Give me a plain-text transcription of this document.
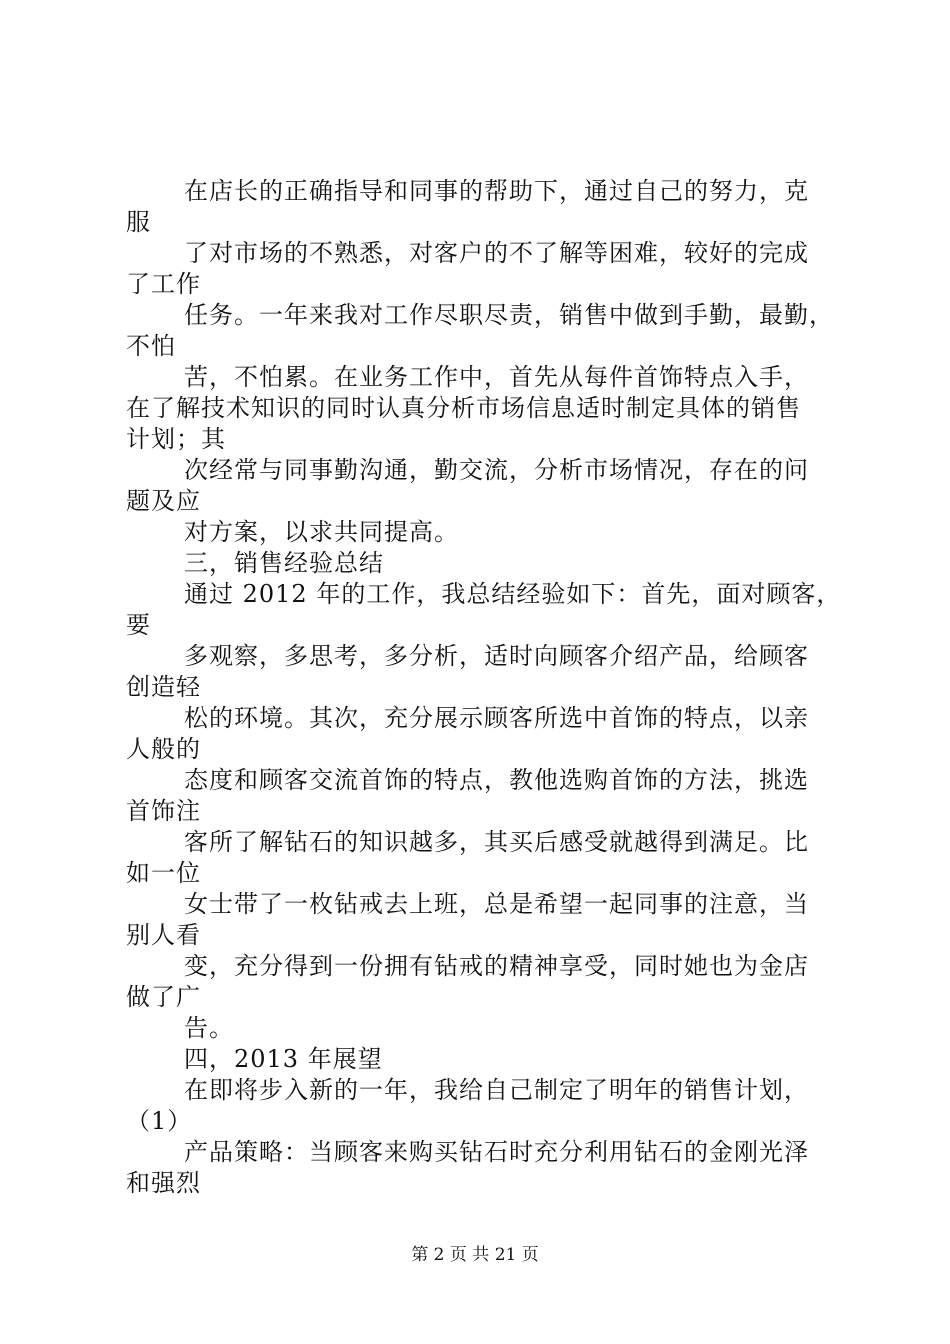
在店长的正确指导和同事的帮助下，通过自己的努力，克
服
了对市场的不熟悉，对客户的不了解等困难，较好的完成
了工作
任务。一年来我对工作尽职尽责，销售中做到手勤，最勤，
不怕
苦，不怕累。在业务工作中，首先从每件首饰特点入手，
在了解技术知识的同时认真分析市场信息适时制定具体的销售
计划；其
次经常与同事勤沟通，勤交流，分析市场情况，存在的问
题及应
对方案，以求共同提高。
三，销售经验总结
通过 2012 年的工作，我总结经验如下：首先，面对顾客，
要
多观察，多思考，多分析，适时向顾客介绍产品，给顾客
创造轻
松的环境。其次，充分展示顾客所选中首饰的特点，以亲
人般的
态度和顾客交流首饰的特点，教他选购首饰的方法，挑选
首饰注
客所了解钻石的知识越多，其买后感受就越得到满足。比
如一位
女士带了一枚钻戒去上班，总是希望一起同事的注意，当
别人看
变，充分得到一份拥有钻戒的精神享受，同时她也为金店
做了广
告。
四，2013 年展望
在即将步入新的一年，我给自己制定了明年的销售计划，
（1）
产品策略：当顾客来购买钻石时充分利用钻石的金刚光泽
和强烈
第 2 页 共 21 页
